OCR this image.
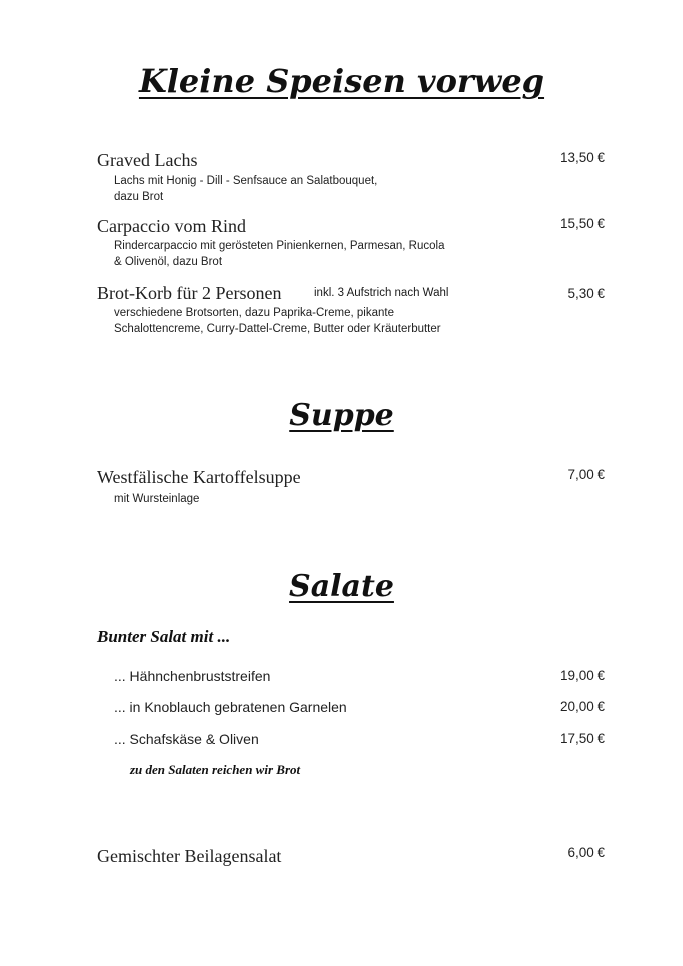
Kleine Speisen vorweg
Graved Lachs	13,50 €
Lachs mit Honig - Dill - Senfsauce an Salatbouquet,
dazu Brot
Carpaccio vom Rind	15,50 €
Rindercarpaccio mit gerösteten Pinienkernen, Parmesan, Rucola
& Olivenöl, dazu Brot
Brot-Korb für 2 Personen	inkl. 3 Aufstrich nach Wahl	5,30 €
verschiedene Brotsorten, dazu Paprika-Creme, pikante
Schalottencreme, Curry-Dattel-Creme, Butter oder Kräuterbutter
Suppe
Westfälische Kartoffelsuppe	7,00 €
mit Wursteinlage
Salate
Bunter Salat mit ...
... Hähnchenbruststreifen	19,00 €
... in Knoblauch gebratenen Garnelen	20,00 €
... Schafskäse & Oliven	17,50 €
zu den Salaten reichen wir Brot
Gemischter Beilagensalat	6,00 €
